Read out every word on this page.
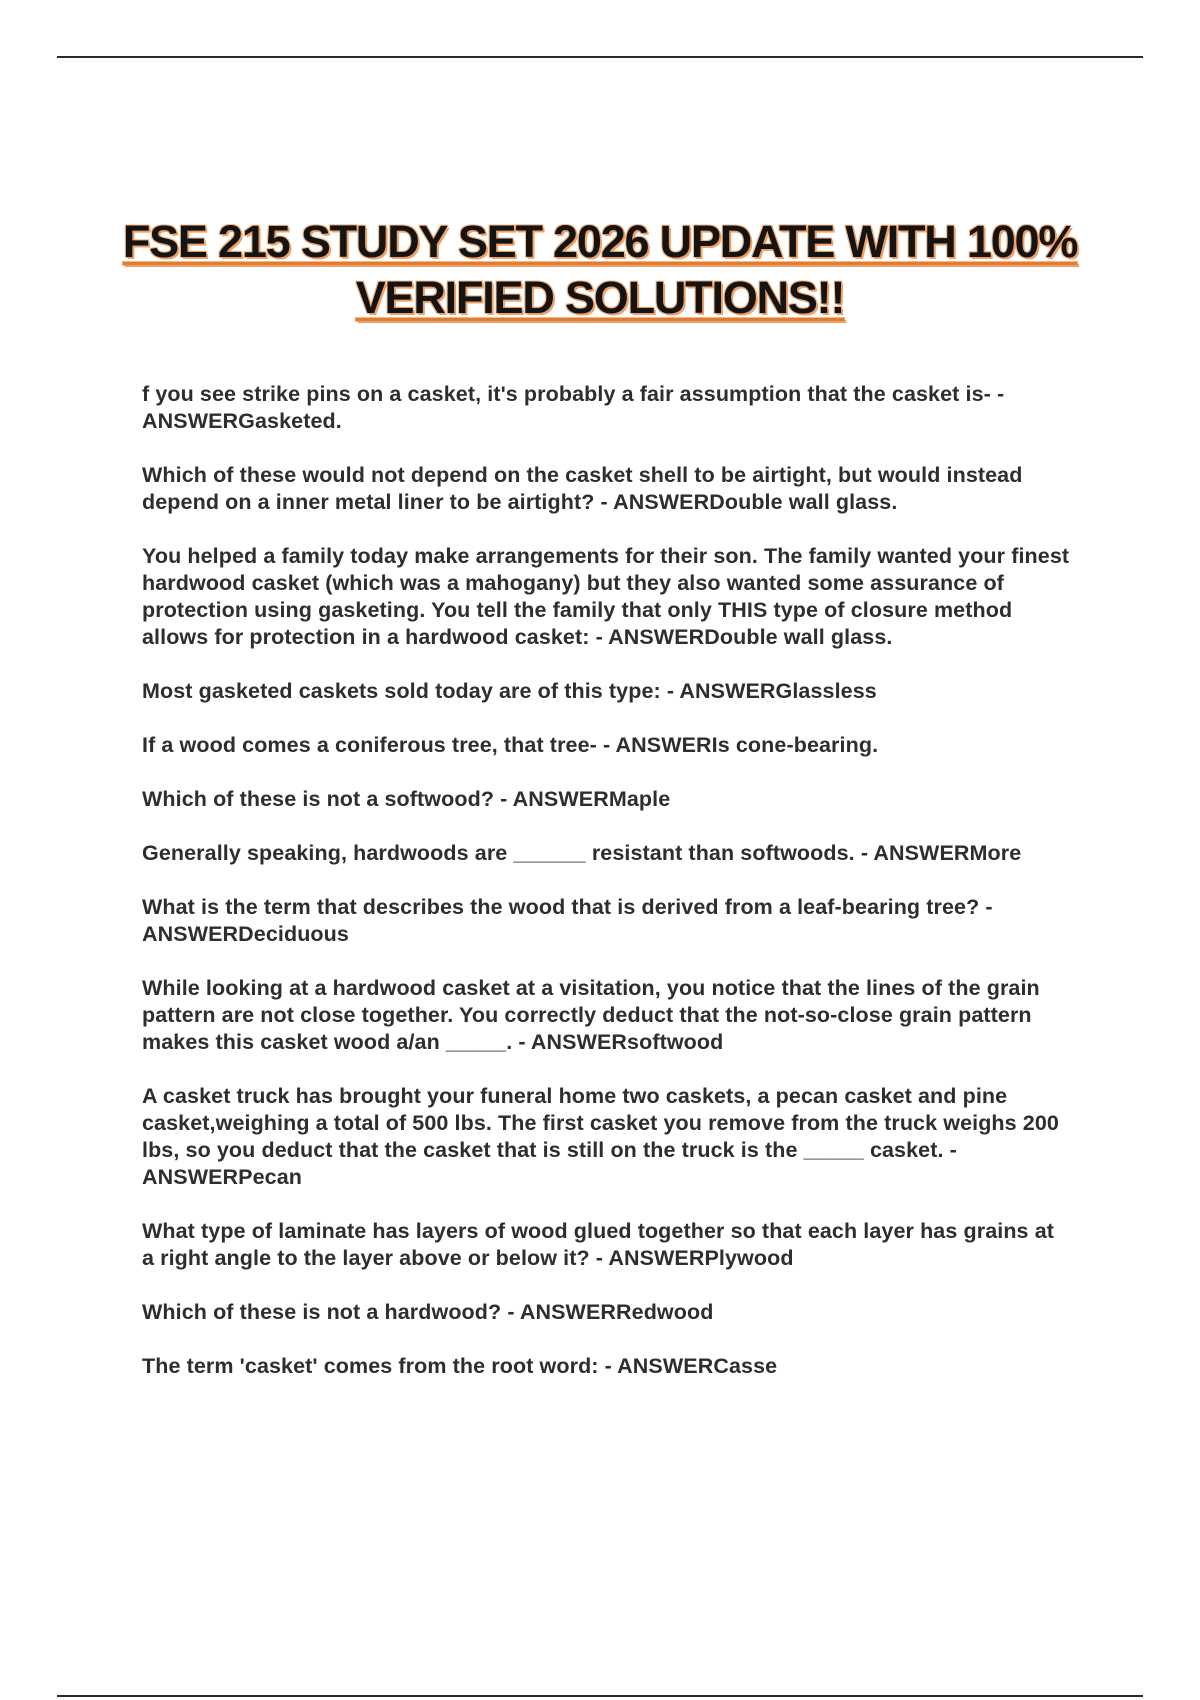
FSE 215 STUDY SET 2026 UPDATE WITH 100%
VERIFIED SOLUTIONS!!

f you see strike pins on a casket, it's probably a fair assumption that the casket is- - ANSWERGasketed.

Which of these would not depend on the casket shell to be airtight, but would instead depend on a inner metal liner to be airtight? - ANSWERDouble wall glass.

You helped a family today make arrangements for their son. The family wanted your finest hardwood casket (which was a mahogany) but they also wanted some assurance of protection using gasketing. You tell the family that only THIS type of closure method allows for protection in a hardwood casket: - ANSWERDouble wall glass.

Most gasketed caskets sold today are of this type: - ANSWERGlassless

If a wood comes a coniferous tree, that tree- - ANSWERIs cone-bearing.

Which of these is not a softwood? - ANSWERMaple

Generally speaking, hardwoods are ______ resistant than softwoods. - ANSWERMore

What is the term that describes the wood that is derived from a leaf-bearing tree? - ANSWERDeciduous

While looking at a hardwood casket at a visitation, you notice that the lines of the grain pattern are not close together. You correctly deduct that the not-so-close grain pattern makes this casket wood a/an _____. - ANSWERsoftwood

A casket truck has brought your funeral home two caskets, a pecan casket and pine casket,weighing a total of 500 lbs. The first casket you remove from the truck weighs 200 lbs, so you deduct that the casket that is still on the truck is the _____ casket. - ANSWERPecan

What type of laminate has layers of wood glued together so that each layer has grains at a right angle to the layer above or below it? - ANSWERPlywood

Which of these is not a hardwood? - ANSWERRedwood

The term 'casket' comes from the root word: - ANSWERCasse
